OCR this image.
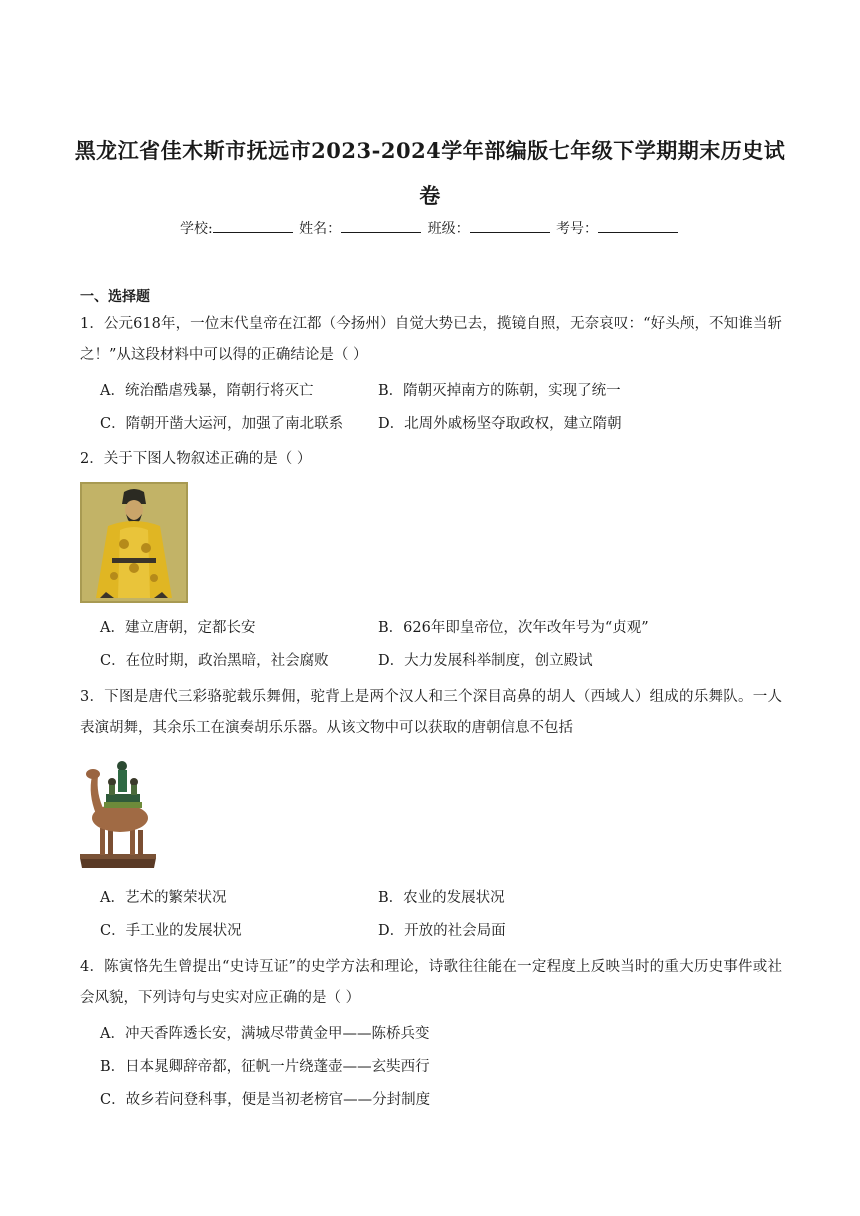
黑龙江省佳木斯市抚远市2023-2024学年部编版七年级下学期期末历史试卷
学校:	姓名：	班级：	考号：
一、选择题
1．公元618年，一位末代皇帝在江都（今扬州）自觉大势已去，揽镜自照，无奈哀叹：“好头颅，不知谁当斩之！”从这段材料中可以得的正确结论是（ ）
A．统治酷虐残暴，隋朝行将灭亡	B．隋朝灭掉南方的陈朝，实现了统一
C．隋朝开凿大运河，加强了南北联系 D．北周外戚杨坚夺取政权，建立隋朝
2．关于下图人物叙述正确的是（ ）
A．建立唐朝，定都长安	B．626年即皇帝位，次年改年号为“贞观”
C．在位时期，政治黑暗，社会腐败	D．大力发展科举制度，创立殿试
3．下图是唐代三彩骆驼载乐舞佣，驼背上是两个汉人和三个深目高鼻的胡人（西域人）组成的乐舞队。一人表演胡舞，其余乐工在演奏胡乐乐器。从该文物中可以获取的唐朝信息不包括
A．艺术的繁荣状况	B．农业的发展状况
C．手工业的发展状况	D．开放的社会局面
4．陈寅恪先生曾提出“史诗互证”的史学方法和理论，诗歌往往能在一定程度上反映当时的重大历史事件或社会风貌，下列诗句与史实对应正确的是（ ）
A．冲天香阵透长安，满城尽带黄金甲——陈桥兵变
B．日本晁卿辞帝都，征帆一片绕蓬壶——玄奘西行
C．故乡若问登科事，便是当初老榜官——分封制度
